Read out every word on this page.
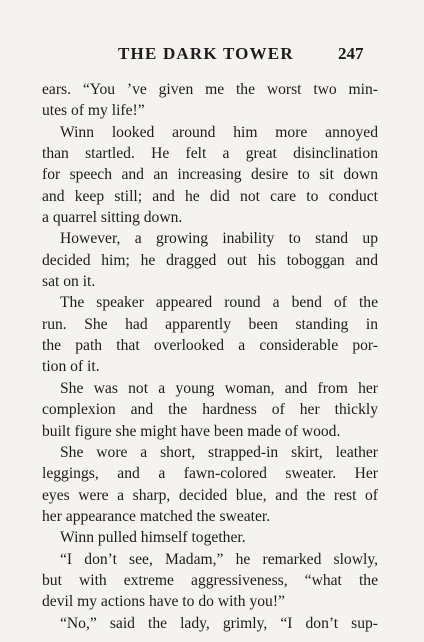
THE DARK TOWER	247
ears. “You ’ve given me the worst two min-
utes of my life!”
Winn looked around him more annoyed
than startled. He felt a great disinclination
for speech and an increasing desire to sit down
and keep still; and he did not care to conduct
a quarrel sitting down.
However, a growing inability to stand up
decided him; he dragged out his toboggan and
sat on it.
The speaker appeared round a bend of the
run. She had apparently been standing in
the path that overlooked a considerable por-
tion of it.
She was not a young woman, and from her
complexion and the hardness of her thickly
built figure she might have been made of wood.
She wore a short, strapped-in skirt, leather
leggings, and a fawn-colored sweater. Her
eyes were a sharp, decided blue, and the rest of
her appearance matched the sweater.
Winn pulled himself together.
“I don’t see, Madam,” he remarked slowly,
but with extreme aggressiveness, “what the
devil my actions have to do with you!”
“No,” said the lady, grimly, “I don’t sup-
